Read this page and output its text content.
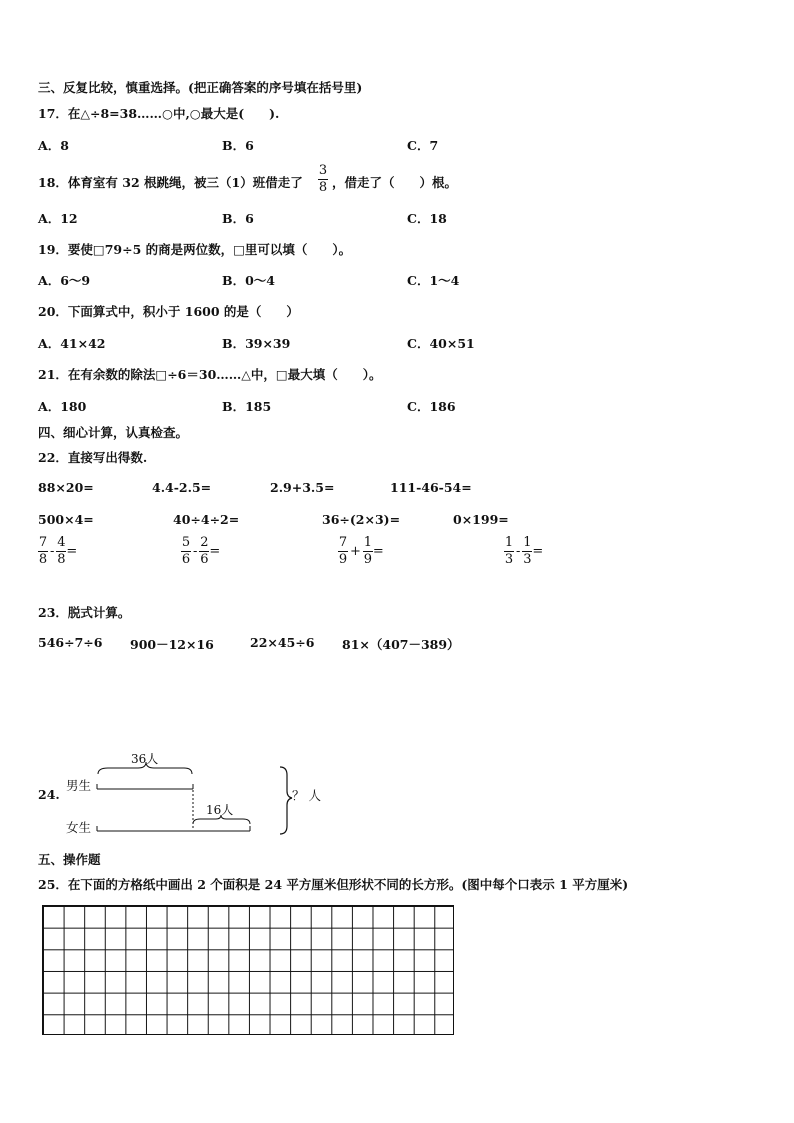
三、反复比较，慎重选择。(把正确答案的序号填在括号里)
17．在△÷8=38……○中,○最大是(　　).
A．8	B．6	C．7
18．体育室有 32 根跳绳，被三（1）班借走了
3
8 ，借走了（　　）根。
A．12	B．6	C．18
19．要使□79÷5 的商是两位数，□里可以填（　　）。
A．6～9	B．0～4	C．1～4
20．下面算式中，积小于 1600 的是（　　）
A．41×42	B．39×39	C．40×51
21．在有余数的除法□÷6＝30……△中，□最大填（　　）。
A．180	B．185	C．186
四、细心计算，认真检查。
22．直接写出得数.
88×20=	4.4-2.5=	2.9+3.5=	111-46-54=
500×4=	40÷4÷2=	36÷(2×3)=	0×199=
$\frac{7}{8} - \frac{4}{8}$ =	$\frac{5}{6} - \frac{2}{6}$ =	$\frac{7}{9} + \frac{1}{9}$ =	$\frac{1}{3} - \frac{1}{3}$ =
23．脱式计算。
546÷7÷6 900－12×16	22×45÷6 81×（407－389）
24.
男生
女生
36人
16人
？ 人
五、操作题
25．在下面的方格纸中画出 2 个面积是 24 平方厘米但形状不同的长方形。(图中每个口表示 1 平方厘米)
